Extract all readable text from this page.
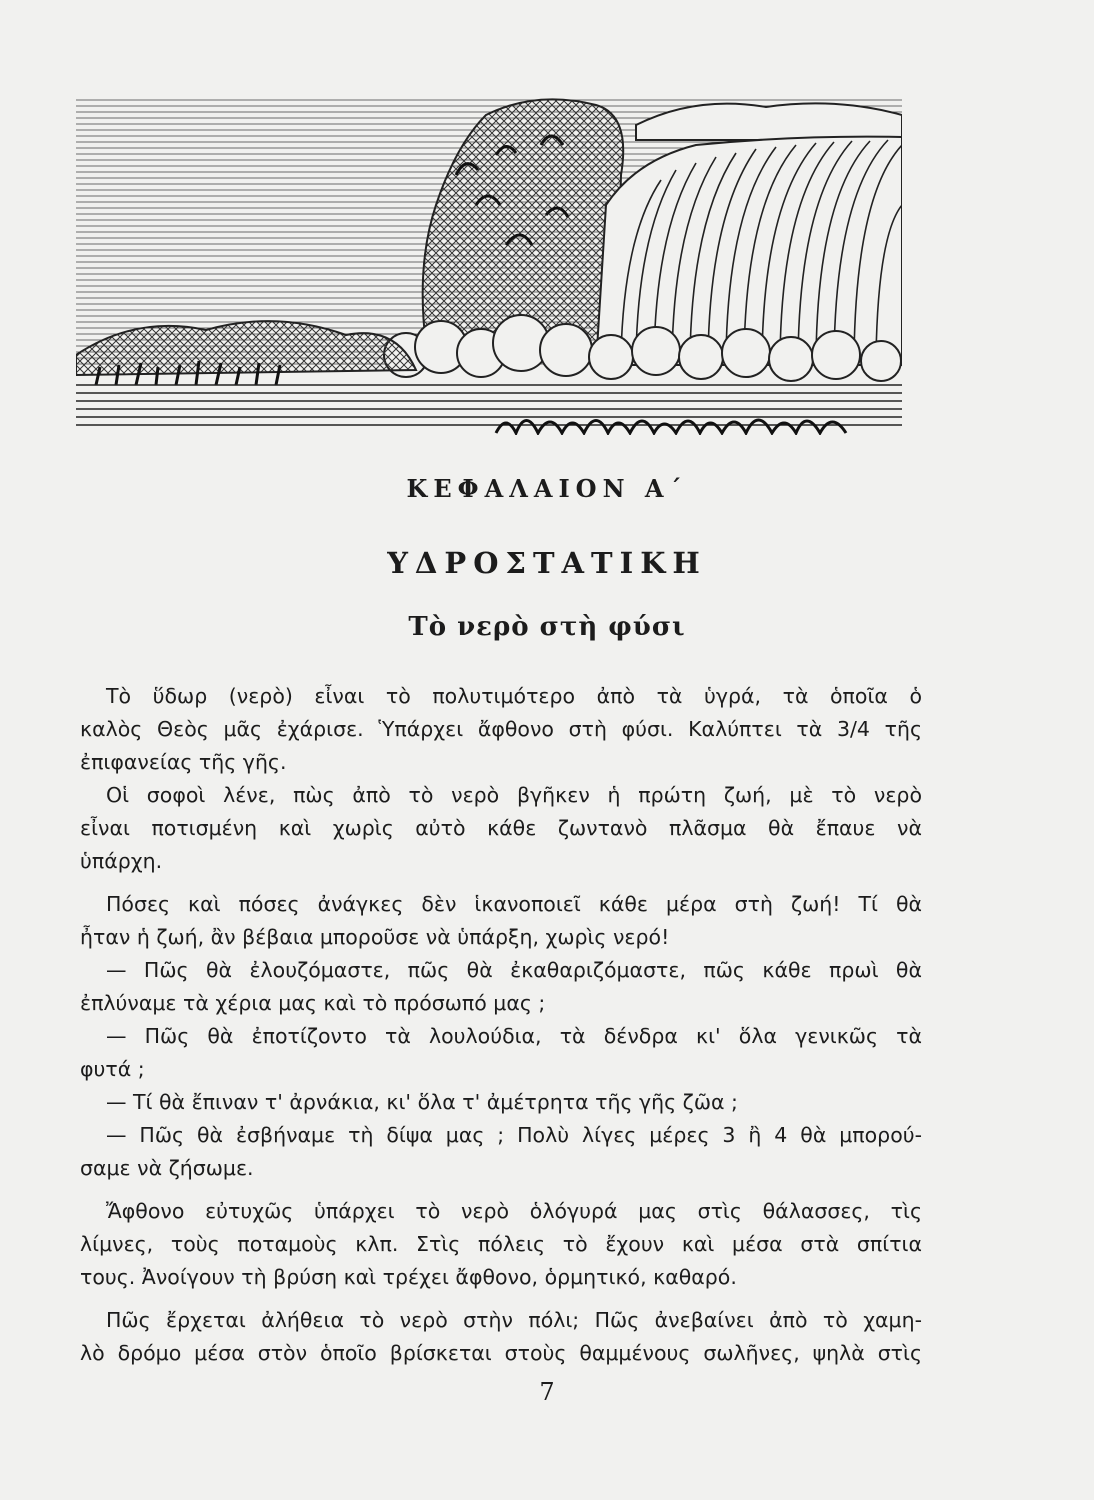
ΚΕΦΑΛΑΙΟΝ Α΄
ΥΔΡΟΣΤΑΤΙΚΗ
Τὸ νερὸ στὴ φύσι
Τὸ ὕδωρ (νερὸ) εἶναι τὸ πολυτιμότερο ἀπὸ τὰ ὑγρά, τὰ ὁποῖα ὁ
καλὸς Θεὸς μᾶς ἐχάρισε. Ὑπάρχει ἄφθονο στὴ φύσι. Καλύπτει τὰ 3/4 τῆς
ἐπιφανείας τῆς γῆς.
Οἱ σοφοὶ λένε, πὼς ἀπὸ τὸ νερὸ βγῆκεν ἡ πρώτη ζωή, μὲ τὸ νερὸ
εἶναι ποτισμένη καὶ χωρὶς αὐτὸ κάθε ζωντανὸ πλᾶσμα θὰ ἔπαυε νὰ
ὑπάρχη.
Πόσες καὶ πόσες ἀνάγκες δὲν ἱκανοποιεῖ κάθε μέρα στὴ ζωή! Τί θὰ
ἦταν ἡ ζωή, ἂν βέβαια μποροῦσε νὰ ὑπάρξη, χωρὶς νερό!
— Πῶς θὰ ἐλουζόμαστε, πῶς θὰ ἐκαθαριζόμαστε, πῶς κάθε πρωὶ θὰ
ἐπλύναμε τὰ χέρια μας καὶ τὸ πρόσωπό μας ;
— Πῶς θὰ ἐποτίζοντο τὰ λουλούδια, τὰ δένδρα κι' ὅλα γενικῶς τὰ
φυτά ;
— Τί θὰ ἔπιναν τ' ἀρνάκια, κι' ὅλα τ' ἀμέτρητα τῆς γῆς ζῶα ;
— Πῶς θὰ ἐσβήναμε τὴ δίψα μας ; Πολὺ λίγες μέρες 3 ἢ 4 θὰ μπορού-
σαμε νὰ ζήσωμε.
Ἄφθονο εὐτυχῶς ὑπάρχει τὸ νερὸ ὁλόγυρά μας στὶς θάλασσες, τὶς
λίμνες, τοὺς ποταμοὺς κλπ. Στὶς πόλεις τὸ ἔχουν καὶ μέσα στὰ σπίτια
τους. Ἀνοίγουν τὴ βρύση καὶ τρέχει ἄφθονο, ὁρμητικό, καθαρό.
Πῶς ἔρχεται ἀλήθεια τὸ νερὸ στὴν πόλι; Πῶς ἀνεβαίνει ἀπὸ τὸ χαμη-
λὸ δρόμο μέσα στὸν ὁποῖο βρίσκεται στοὺς θαμμένους σωλῆνες, ψηλὰ στὶς
7
